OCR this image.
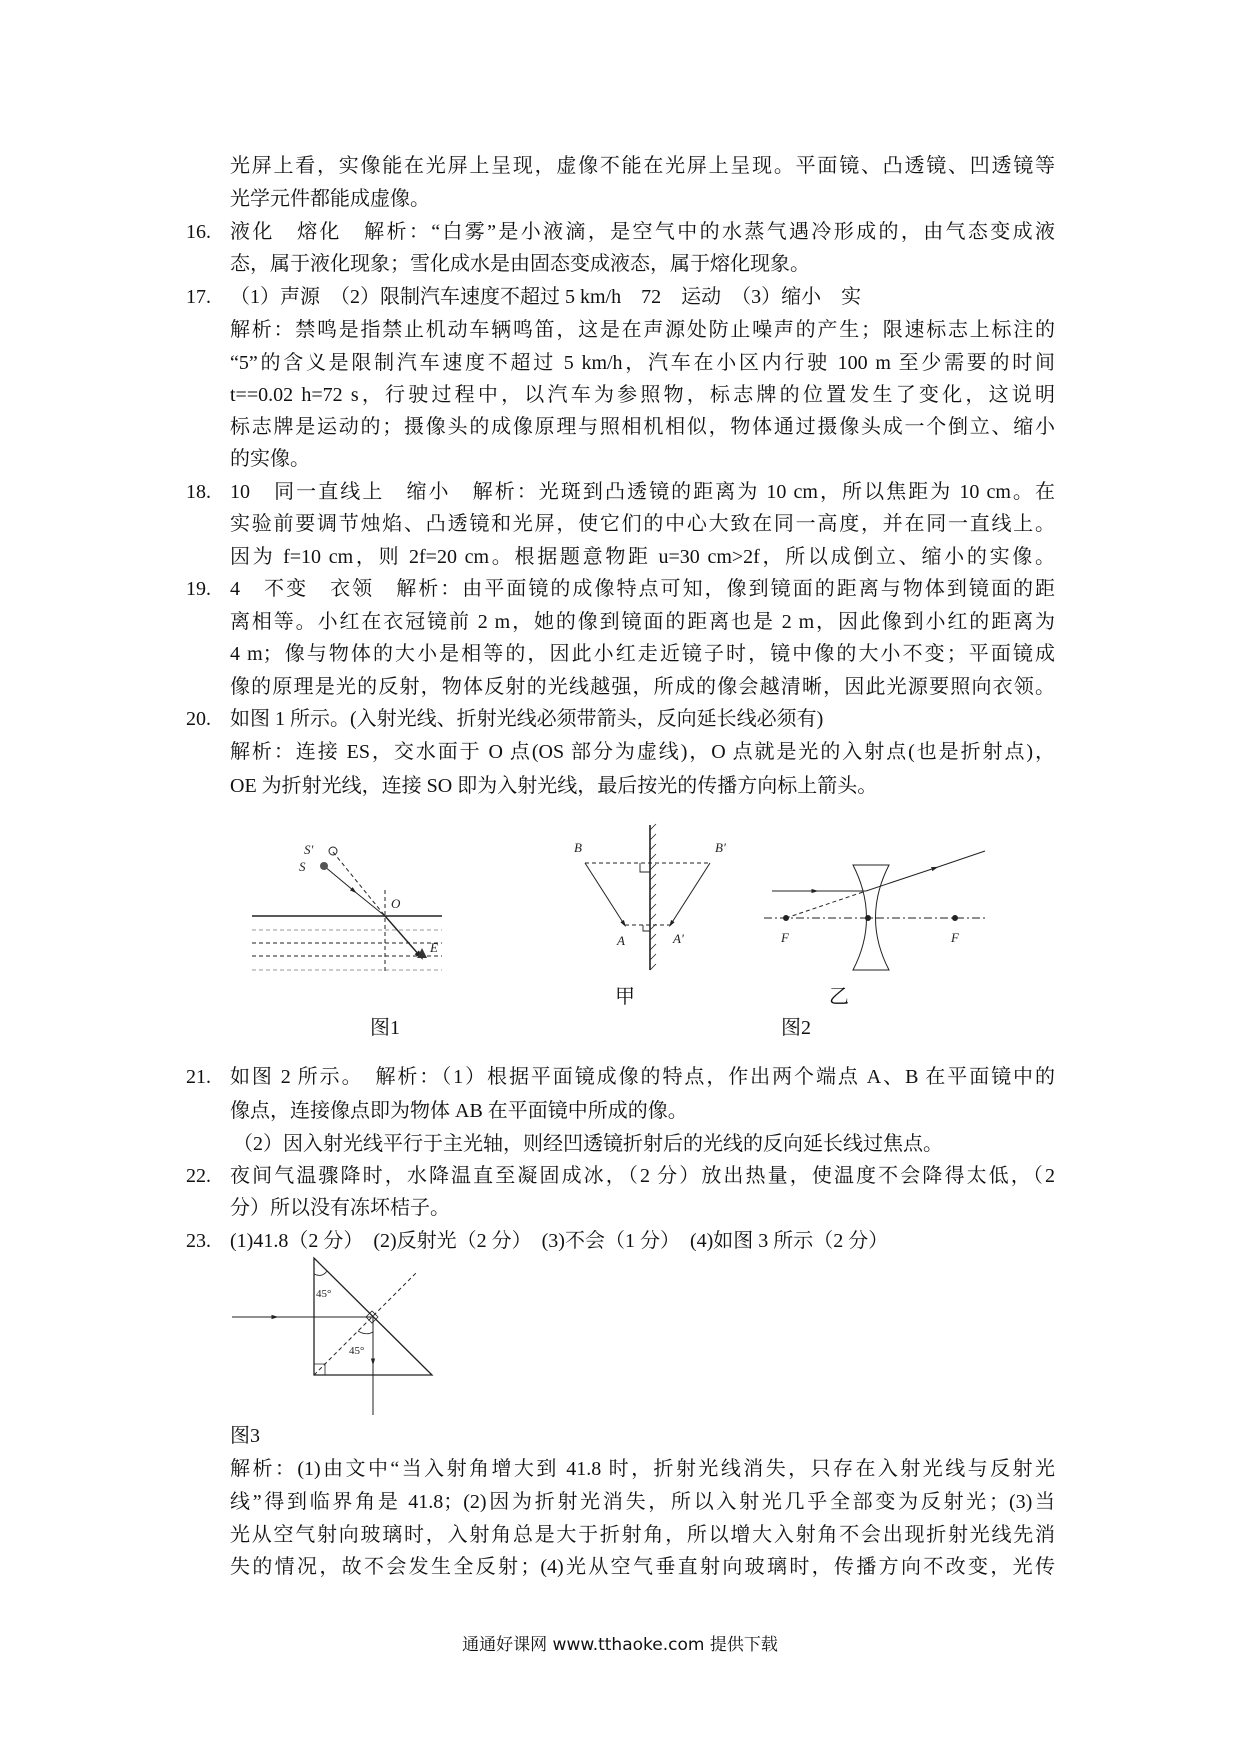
光屏上看，实像能在光屏上呈现，虚像不能在光屏上呈现。平面镜、凸透镜、凹透镜等
光学元件都能成虚像。
16. 液化　熔化　解析：“白雾”是小液滴，是空气中的水蒸气遇冷形成的，由气态变成液
态，属于液化现象；雪化成水是由固态变成液态，属于熔化现象。
17. （1）声源　（2）限制汽车速度不超过 5 km/h　72　运动　（3）缩小　实
解析：禁鸣是指禁止机动车辆鸣笛，这是在声源处防止噪声的产生；限速标志上标注的
“5”的含义是限制汽车速度不超过 5 km/h，汽车在小区内行驶 100 m 至少需要的时间
t==0.02 h=72 s，行驶过程中，以汽车为参照物，标志牌的位置发生了变化，这说明
标志牌是运动的；摄像头的成像原理与照相机相似，物体通过摄像头成一个倒立、缩小
的实像。
18. 10　同一直线上　缩小　解析：光斑到凸透镜的距离为 10 cm，所以焦距为 10 cm。在
实验前要调节烛焰、凸透镜和光屏，使它们的中心大致在同一高度，并在同一直线上。
因为 f=10 cm，则 2f=20 cm。根据题意物距 u=30 cm>2f，所以成倒立、缩小的实像。
19. 4　不变　衣领　解析：由平面镜的成像特点可知，像到镜面的距离与物体到镜面的距
离相等。小红在衣冠镜前 2 m，她的像到镜面的距离也是 2 m，因此像到小红的距离为
4 m；像与物体的大小是相等的，因此小红走近镜子时，镜中像的大小不变；平面镜成
像的原理是光的反射，物体反射的光线越强，所成的像会越清晰，因此光源要照向衣领。
20. 如图 1 所示。(入射光线、折射光线必须带箭头，反向延长线必须有)
解析：连接 ES，交水面于 O 点(OS 部分为虚线)，O 点就是光的入射点(也是折射点)，
OE 为折射光线，连接 SO 即为入射光线，最后按光的传播方向标上箭头。
甲	乙
图1	图2
21. 如图 2 所示。　解析：（1）根据平面镜成像的特点，作出两个端点 A、B 在平面镜中的
像点，连接像点即为物体 AB 在平面镜中所成的像。
（2）因入射光线平行于主光轴，则经凹透镜折射后的光线的反向延长线过焦点。
22. 夜间气温骤降时，水降温直至凝固成冰，（2 分）放出热量，使温度不会降得太低，（2
分）所以没有冻坏桔子。
23. (1)41.8（2 分）　(2)反射光（2 分）　(3)不会（1 分）　(4)如图 3 所示（2 分）
图3
解析：(1)由文中“当入射角增大到 41.8 时，折射光线消失，只存在入射光线与反射光
线”得到临界角是 41.8；(2)因为折射光消失，所以入射光几乎全部变为反射光；(3)当
光从空气射向玻璃时，入射角总是大于折射角，所以增大入射角不会出现折射光线先消
失的情况，故不会发生全反射；(4)光从空气垂直射向玻璃时，传播方向不改变，光传
通通好课网 www.tthaoke.com 提供下载
S'
S
O
E
B	B'
A	A'	F	F
45°
45°
